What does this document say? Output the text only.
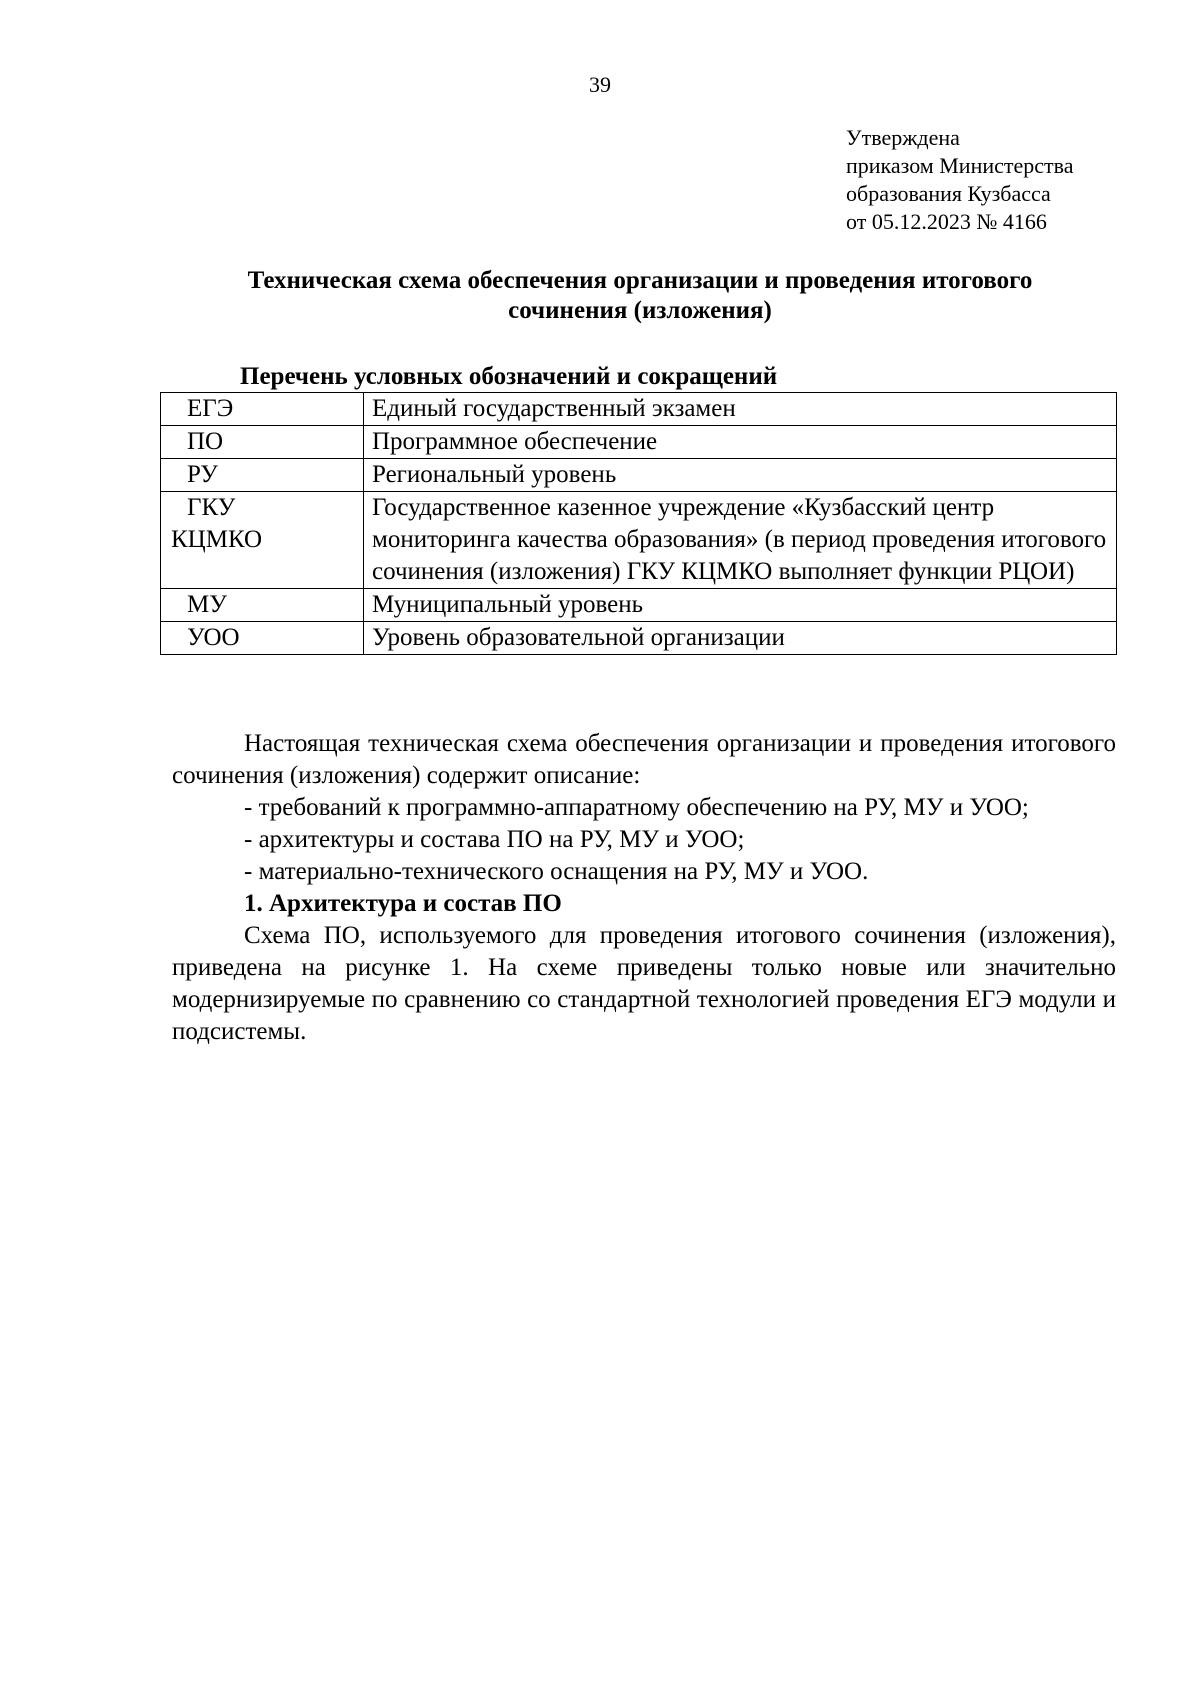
39
Утверждена
приказом Министерства
образования Кузбасса
от 05.12.2023 № 4166
Техническая схема обеспечения организации и проведения итогового
сочинения (изложения)
Перечень условных обозначений и сокращений
ЕГЭ	Единый государственный экзамен
ПО	Программное обеспечение
РУ	Региональный уровень

ГКУ
КЦМКО	Государственное казенное учреждение «Кузбасский центр мониторинга качества образования» (в период проведения итогового сочинения (изложения) ГКУ КЦМКО выполняет функции РЦОИ)
МУ	Муниципальный уровень
УОО	Уровень образовательной организации

Настоящая техническая схема обеспечения организации и проведения итогового сочинения (изложения) содержит описание:

- требований к программно-аппаратному обеспечению на РУ, МУ и УОО;

- архитектуры и состава ПО на РУ, МУ и УОО;

- материально-технического оснащения на РУ, МУ и УОО.

1. Архитектура и состав ПО

Схема ПО, используемого для проведения итогового сочинения (изложения), приведена на рисунке 1. На схеме приведены только новые или значительно модернизируемые по сравнению со стандартной технологией проведения ЕГЭ модули и подсистемы.
